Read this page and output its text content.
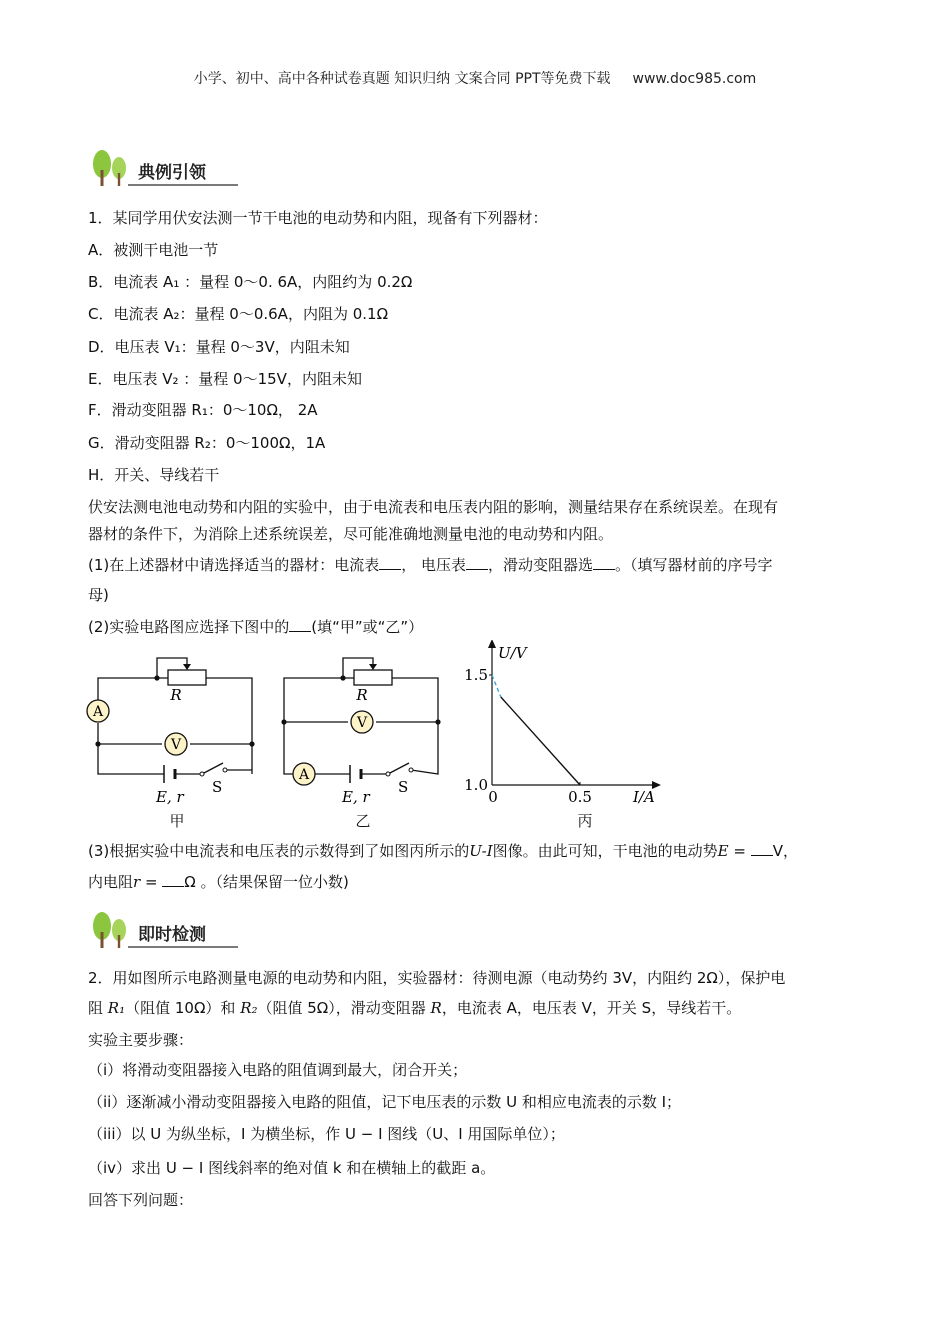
小学、初中、高中各种试卷真题 知识归纳 文案合同 PPT等免费下载 www.doc985.com
典例引领
1．某同学用伏安法测一节干电池的电动势和内阻，现备有下列器材：
A．被测干电池一节
B．电流表 A₁ ：量程 0～0. 6A，内阻约为 0.2Ω
C．电流表 A₂：量程 0～0.6A，内阻为 0.1Ω
D．电压表 V₁：量程 0～3V，内阻未知
E．电压表 V₂ ：量程 0～15V，内阻未知
F．滑动变阻器 R₁：0～10Ω， 2A
G．滑动变阻器 R₂：0～100Ω，1A
H．开关、导线若干
伏安法测电池电动势和内阻的实验中，由于电流表和电压表内阻的影响，测量结果存在系统误差。在现有
器材的条件下，为消除上述系统误差，尽可能准确地测量电池的电动势和内阻。
(1)在上述器材中请选择适当的器材：电流表 ， 电压表 ，滑动变阻器选 。（填写器材前的序号字
母)
(2)实验电路图应选择下图中的 (填“甲”或“乙”）
A
V
R
E, r
S
甲
V
A
R
E, r
S
乙
U/V
I/A
1.5
1.0
0	0.5
丙
(3)根据实验中电流表和电压表的示数得到了如图丙所示的U-I图像。由此可知，干电池的电动势E = V，
内电阻r = Ω 。（结果保留一位小数)
即时检测
2．用如图所示电路测量电源的电动势和内阻，实验器材：待测电源（电动势约 3V，内阻约 2Ω），保护电
阻 R₁（阻值 10Ω）和 R₂（阻值 5Ω），滑动变阻器 R，电流表 A，电压表 V，开关 S，导线若干。
实验主要步骤：
（i）将滑动变阻器接入电路的阻值调到最大，闭合开关；
（ii）逐渐减小滑动变阻器接入电路的阻值，记下电压表的示数 U 和相应电流表的示数 I；
（iii）以 U 为纵坐标，I 为横坐标，作 U − I 图线（U、I 用国际单位）；
（iv）求出 U − I 图线斜率的绝对值 k 和在横轴上的截距 a。
回答下列问题：
